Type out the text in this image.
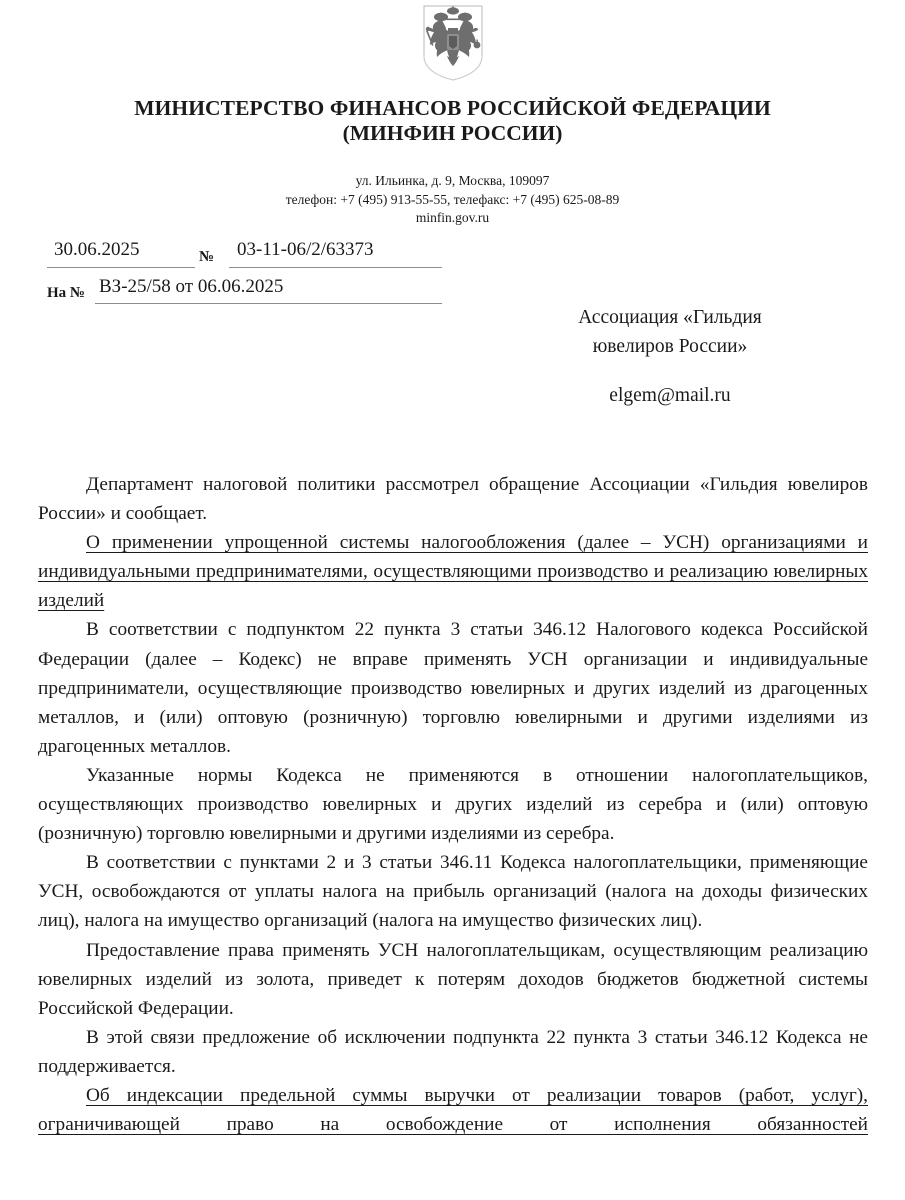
МИНИСТЕРСТВО ФИНАНСОВ РОССИЙСКОЙ ФЕДЕРАЦИИ
(МИНФИН РОССИИ)
ул. Ильинка, д. 9, Москва, 109097
телефон: +7 (495) 913-55-55, телефакс: +7 (495) 625-08-89
minfin.gov.ru
30.06.2025	№ 03-11-06/2/63373
На № ВЗ-25/58 от 06.06.2025
Ассоциация «Гильдия
ювелиров России»
elgem@mail.ru

Департамент налоговой политики рассмотрел обращение Ассоциации «Гильдия ювелиров России» и сообщает.

О применении упрощенной системы налогообложения (далее – УСН) организациями и индивидуальными предпринимателями, осуществляющими производство и реализацию ювелирных изделий

В соответствии с подпунктом 22 пункта 3 статьи 346.12 Налогового кодекса Российской Федерации (далее – Кодекс) не вправе применять УСН организации и индивидуальные предприниматели, осуществляющие производство ювелирных и других изделий из драгоценных металлов, и (или) оптовую (розничную) торговлю ювелирными и другими изделиями из драгоценных металлов.

Указанные нормы Кодекса не применяются в отношении налогоплательщиков, осуществляющих производство ювелирных и других изделий из серебра и (или) оптовую (розничную) торговлю ювелирными и другими изделиями из серебра.

В соответствии с пунктами 2 и 3 статьи 346.11 Кодекса налогоплательщики, применяющие УСН, освобождаются от уплаты налога на прибыль организаций (налога на доходы физических лиц), налога на имущество организаций (налога на имущество физических лиц).

Предоставление права применять УСН налогоплательщикам, осуществляющим реализацию ювелирных изделий из золота, приведет к потерям доходов бюджетов бюджетной системы Российской Федерации.

В этой связи предложение об исключении подпункта 22 пункта 3 статьи 346.12 Кодекса не поддерживается.

Об индексации предельной суммы выручки от реализации товаров (работ, услуг), ограничивающей право на освобождение от исполнения обязанностей
